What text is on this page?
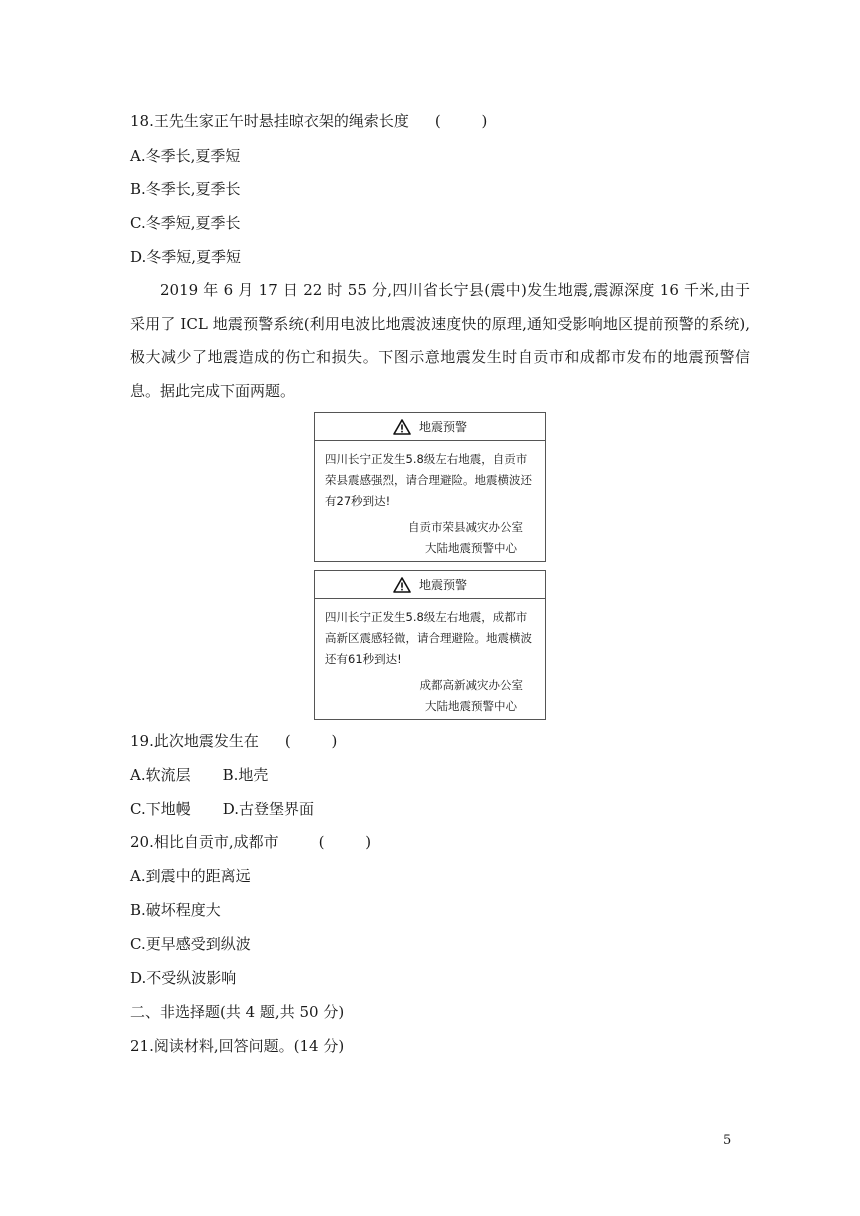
18.王先生家正午时悬挂晾衣架的绳索长度 ( )
A.冬季长,夏季短
B.冬季长,夏季长
C.冬季短,夏季长
D.冬季短,夏季短
2019 年 6 月 17 日 22 时 55 分,四川省长宁县(震中)发生地震,震源深度 16 千米,由于采用了 ICL 地震预警系统(利用电波比地震波速度快的原理,通知受影响地区提前预警的系统),极大减少了地震造成的伤亡和损失。下图示意地震发生时自贡市和成都市发布的地震预警信息。据此完成下面两题。
地震预警

四川长宁正发生5.8级左右地震，自贡市荣县震感强烈，请合理避险。地震横波还有27秒到达!

自贡市荣县减灾办公室
大陆地震预警中心
地震预警

四川长宁正发生5.8级左右地震，成都市高新区震感轻微，请合理避险。地震横波还有61秒到达!

成都高新减灾办公室
大陆地震预警中心
19.此次地震发生在 ( )
A.软流层 B.地壳
C.下地幔 D.古登堡界面
20.相比自贡市,成都市	( )
A.到震中的距离远
B.破坏程度大
C.更早感受到纵波
D.不受纵波影响
二、非选择题(共 4 题,共 50 分)
21.阅读材料,回答问题。(14 分)
5
